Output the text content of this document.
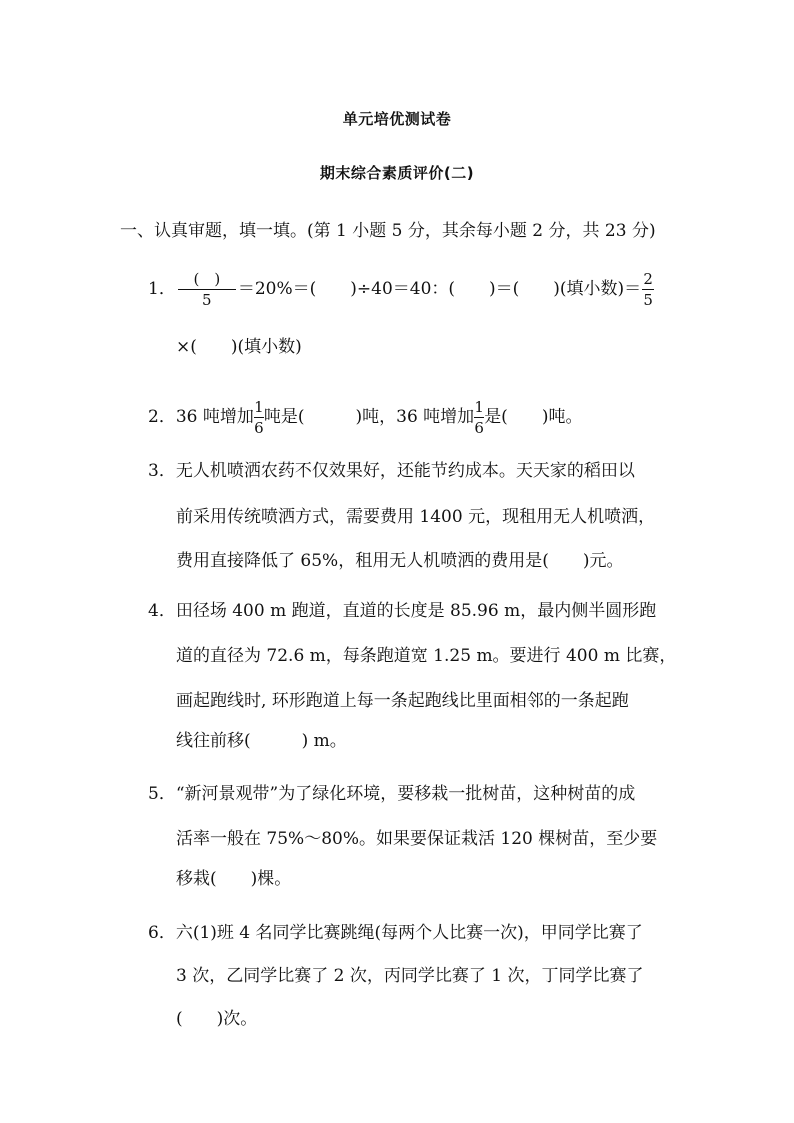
单元培优测试卷
期末综合素质评价(二)
一、认真审题，填一填。(第 1 小题 5 分，其余每小题 2 分，共 23 分)
1． $\frac{( )}{5} =20\%=$(　　)÷40＝40：(　　)＝(　　)(填小数)＝ $\frac{2}{5}$
×(　　)(填小数)
2．36 吨增加 $\frac{1}{6}$ 吨是(　　　)吨，36 吨增加 $\frac{1}{6}$ 是(　　)吨。
3．无人机喷洒农药不仅效果好，还能节约成本。天天家的稻田以
前采用传统喷洒方式，需要费用 1400 元，现租用无人机喷洒，
费用直接降低了 65%，租用无人机喷洒的费用是(　　)元。
4．田径场 400 m 跑道，直道的长度是 85.96 m，最内侧半圆形跑
道的直径为 72.6 m，每条跑道宽 1.25 m。要进行 400 m 比赛，
画起跑线时, 环形跑道上每一条起跑线比里面相邻的一条起跑
线往前移(　　　) m。
5．“新河景观带”为了绿化环境，要移栽一批树苗，这种树苗的成
活率一般在 75%～80%。如果要保证栽活 120 棵树苗，至少要
移栽(　　)棵。
6．六(1)班 4 名同学比赛跳绳(每两个人比赛一次)，甲同学比赛了
3 次，乙同学比赛了 2 次，丙同学比赛了 1 次，丁同学比赛了
(　　)次。
